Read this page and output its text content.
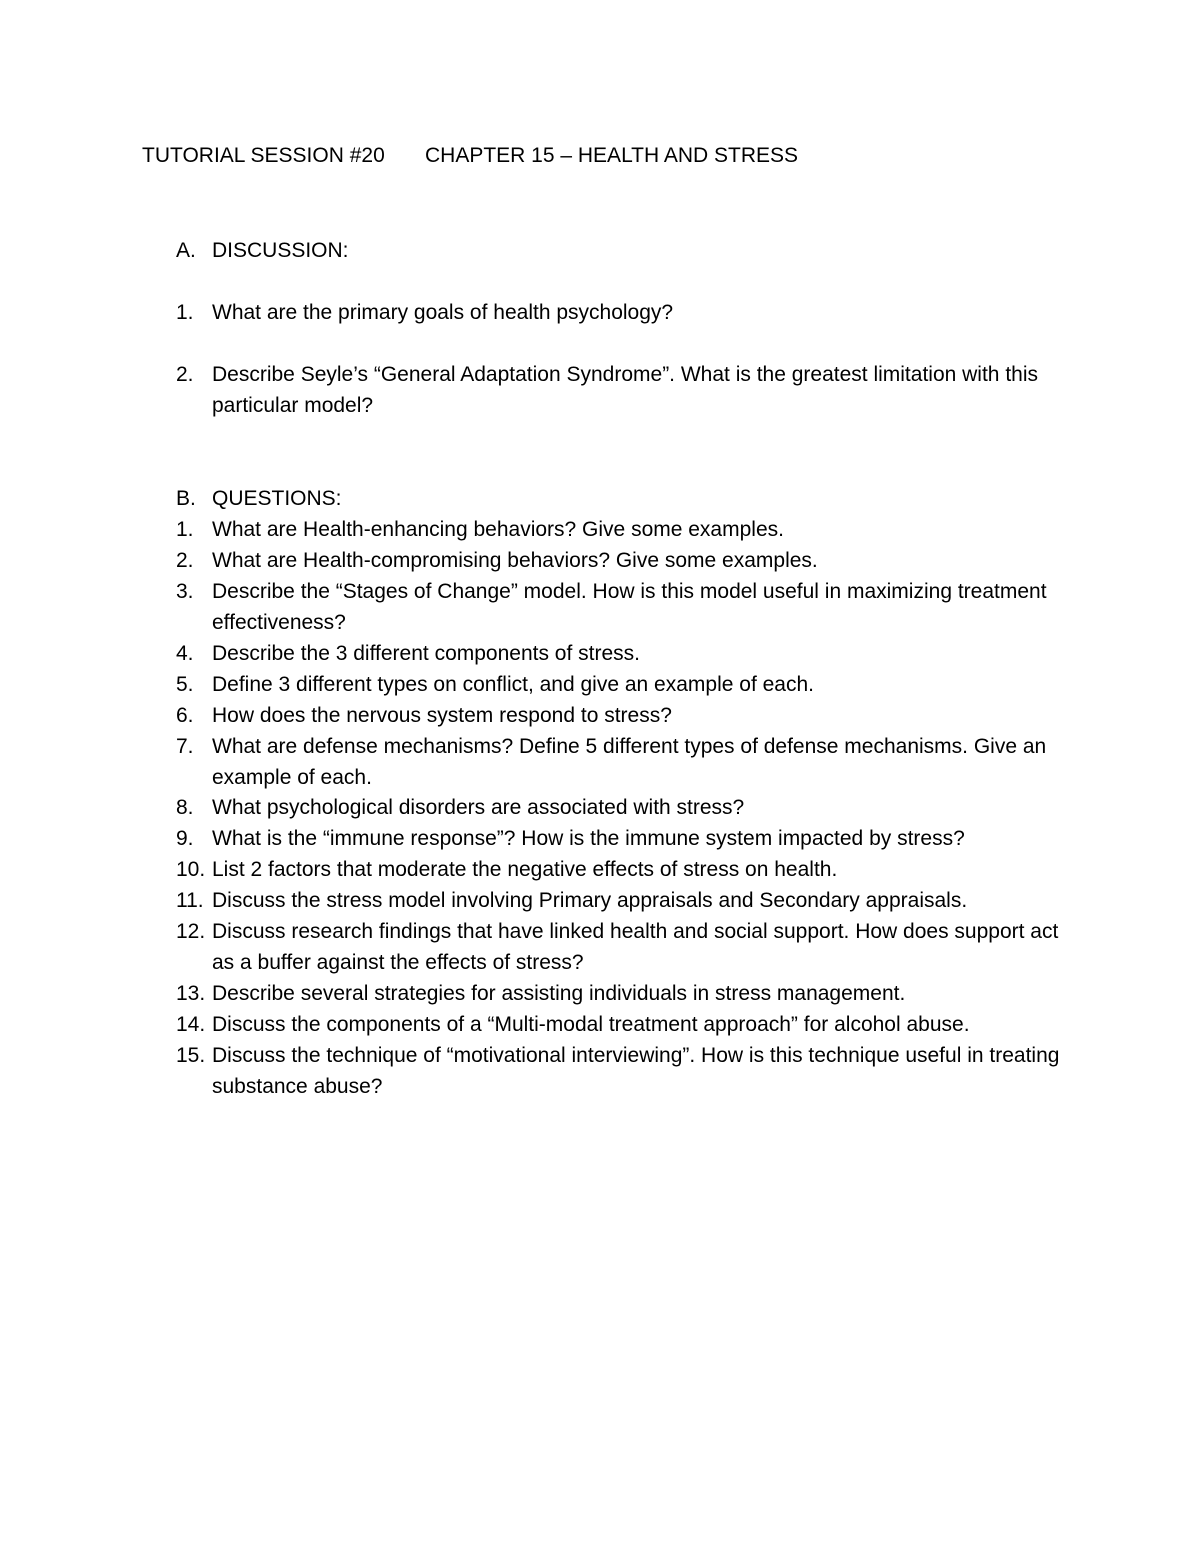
TUTORIAL SESSION #20 CHAPTER 15 – HEALTH AND STRESS
A. DISCUSSION:
1. What are the primary goals of health psychology?
2. Describe Seyle’s “General Adaptation Syndrome”. What is the greatest limitation with this particular model?
B. QUESTIONS:
1. What are Health-enhancing behaviors? Give some examples.
2. What are Health-compromising behaviors? Give some examples.
3. Describe the “Stages of Change” model. How is this model useful in maximizing treatment effectiveness?
4. Describe the 3 different components of stress.
5. Define 3 different types on conflict, and give an example of each.
6. How does the nervous system respond to stress?
7. What are defense mechanisms? Define 5 different types of defense mechanisms. Give an example of each.
8. What psychological disorders are associated with stress?
9. What is the “immune response”? How is the immune system impacted by stress?
10. List 2 factors that moderate the negative effects of stress on health.
11. Discuss the stress model involving Primary appraisals and Secondary appraisals.
12. Discuss research findings that have linked health and social support. How does support act as a buffer against the effects of stress?
13. Describe several strategies for assisting individuals in stress management.
14. Discuss the components of a “Multi-modal treatment approach” for alcohol abuse.
15. Discuss the technique of “motivational interviewing”. How is this technique useful in treating substance abuse?
